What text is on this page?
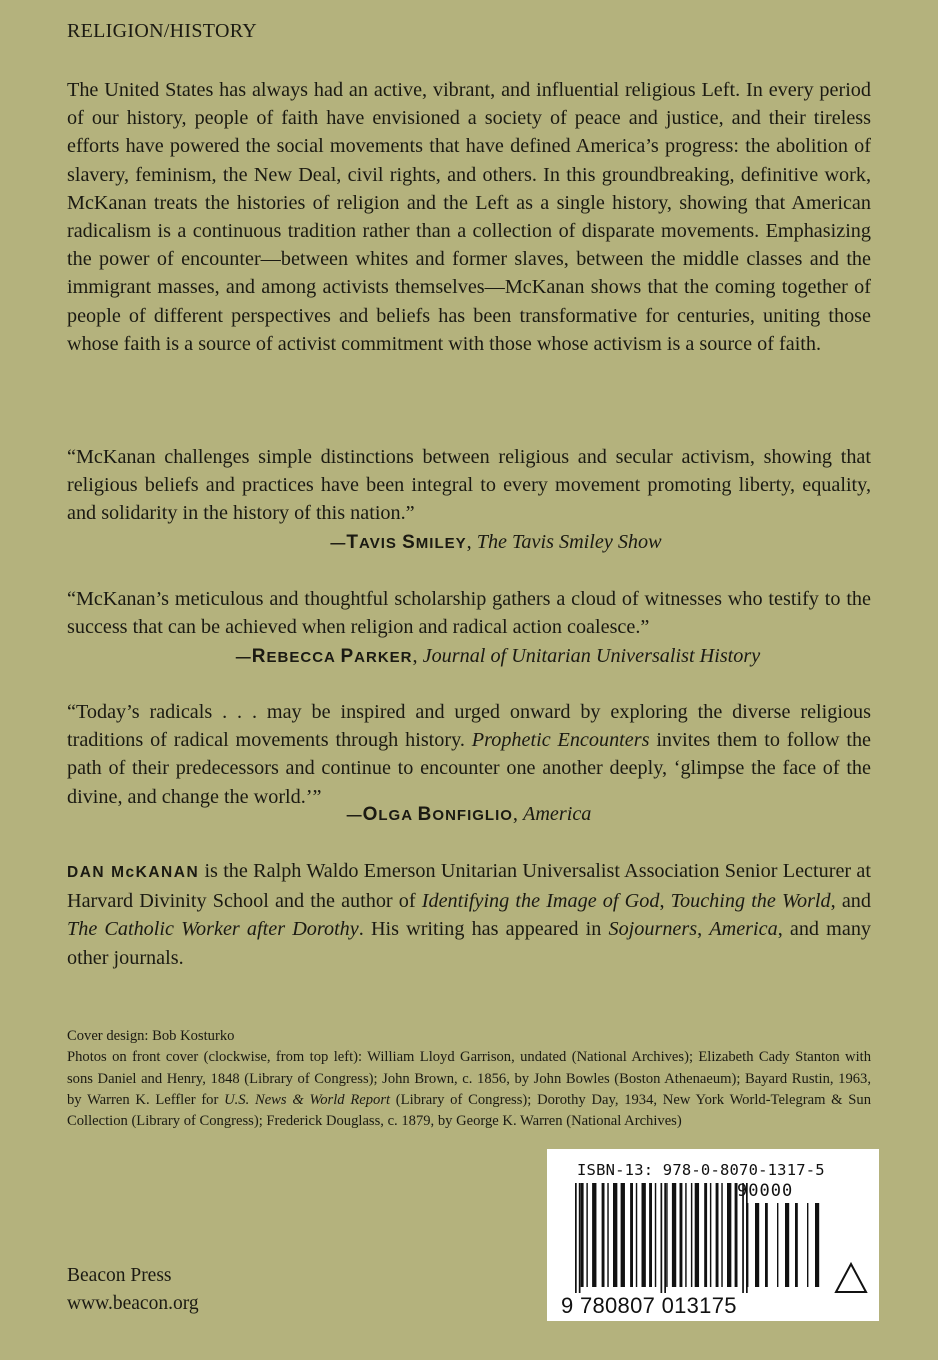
RELIGION/HISTORY

The United States has always had an active, vibrant, and influential religious Left. In every period of our history, people of faith have envisioned a society of peace and justice, and their tireless efforts have powered the social movements that have defined America’s progress: the abolition of slavery, feminism, the New Deal, civil rights, and others. In this groundbreaking, definitive work, McKanan treats the histories of religion and the Left as a single history, showing that American radicalism is a continuous tradition rather than a collection of disparate movements. Emphasizing the power of encounter—between whites and former slaves, between the middle classes and the immigrant masses, and among activists themselves—McKanan shows that the coming together of people of different perspectives and beliefs has been transformative for centuries, uniting those whose faith is a source of activist commitment with those whose activism is a source of faith.

“McKanan challenges simple distinctions between religious and secular activism, showing that religious beliefs and practices have been integral to every movement promoting liberty, equality, and solidarity in the history of this nation.”

—TAVIS SMILEY, The Tavis Smiley Show

“McKanan’s meticulous and thoughtful scholarship gathers a cloud of witnesses who testify to the success that can be achieved when religion and radical action coalesce.”

—REBECCA PARKER, Journal of Unitarian Universalist History

“Today’s radicals . . . may be inspired and urged onward by exploring the diverse religious traditions of radical movements through history. Prophetic Encounters invites them to follow the path of their predecessors and continue to encounter one another deeply, ‘glimpse the face of the divine, and change the world.’”

—OLGA BONFIGLIO, America

DAN McKANAN is the Ralph Waldo Emerson Unitarian Universalist Association Senior Lecturer at Harvard Divinity School and the author of Identifying the Image of God, Touching the World, and The Catholic Worker after Dorothy. His writing has appeared in Sojourners, America, and many other journals.

Cover design: Bob Kosturko
Photos on front cover (clockwise, from top left): William Lloyd Garrison, undated (National Archives); Elizabeth Cady Stanton with sons Daniel and Henry, 1848 (Library of Congress); John Brown, c. 1856, by John Bowles (Boston Athenaeum); Bayard Rustin, 1963, by Warren K. Leffler for U.S. News & World Report (Library of Congress); Dorothy Day, 1934, New York World-Telegram & Sun Collection (Library of Congress); Frederick Douglass, c. 1879, by George K. Warren (National Archives)
Beacon Press
www.beacon.org
ISBN-13: 978-0-8070-1317-5
90000
9 780807 013175
